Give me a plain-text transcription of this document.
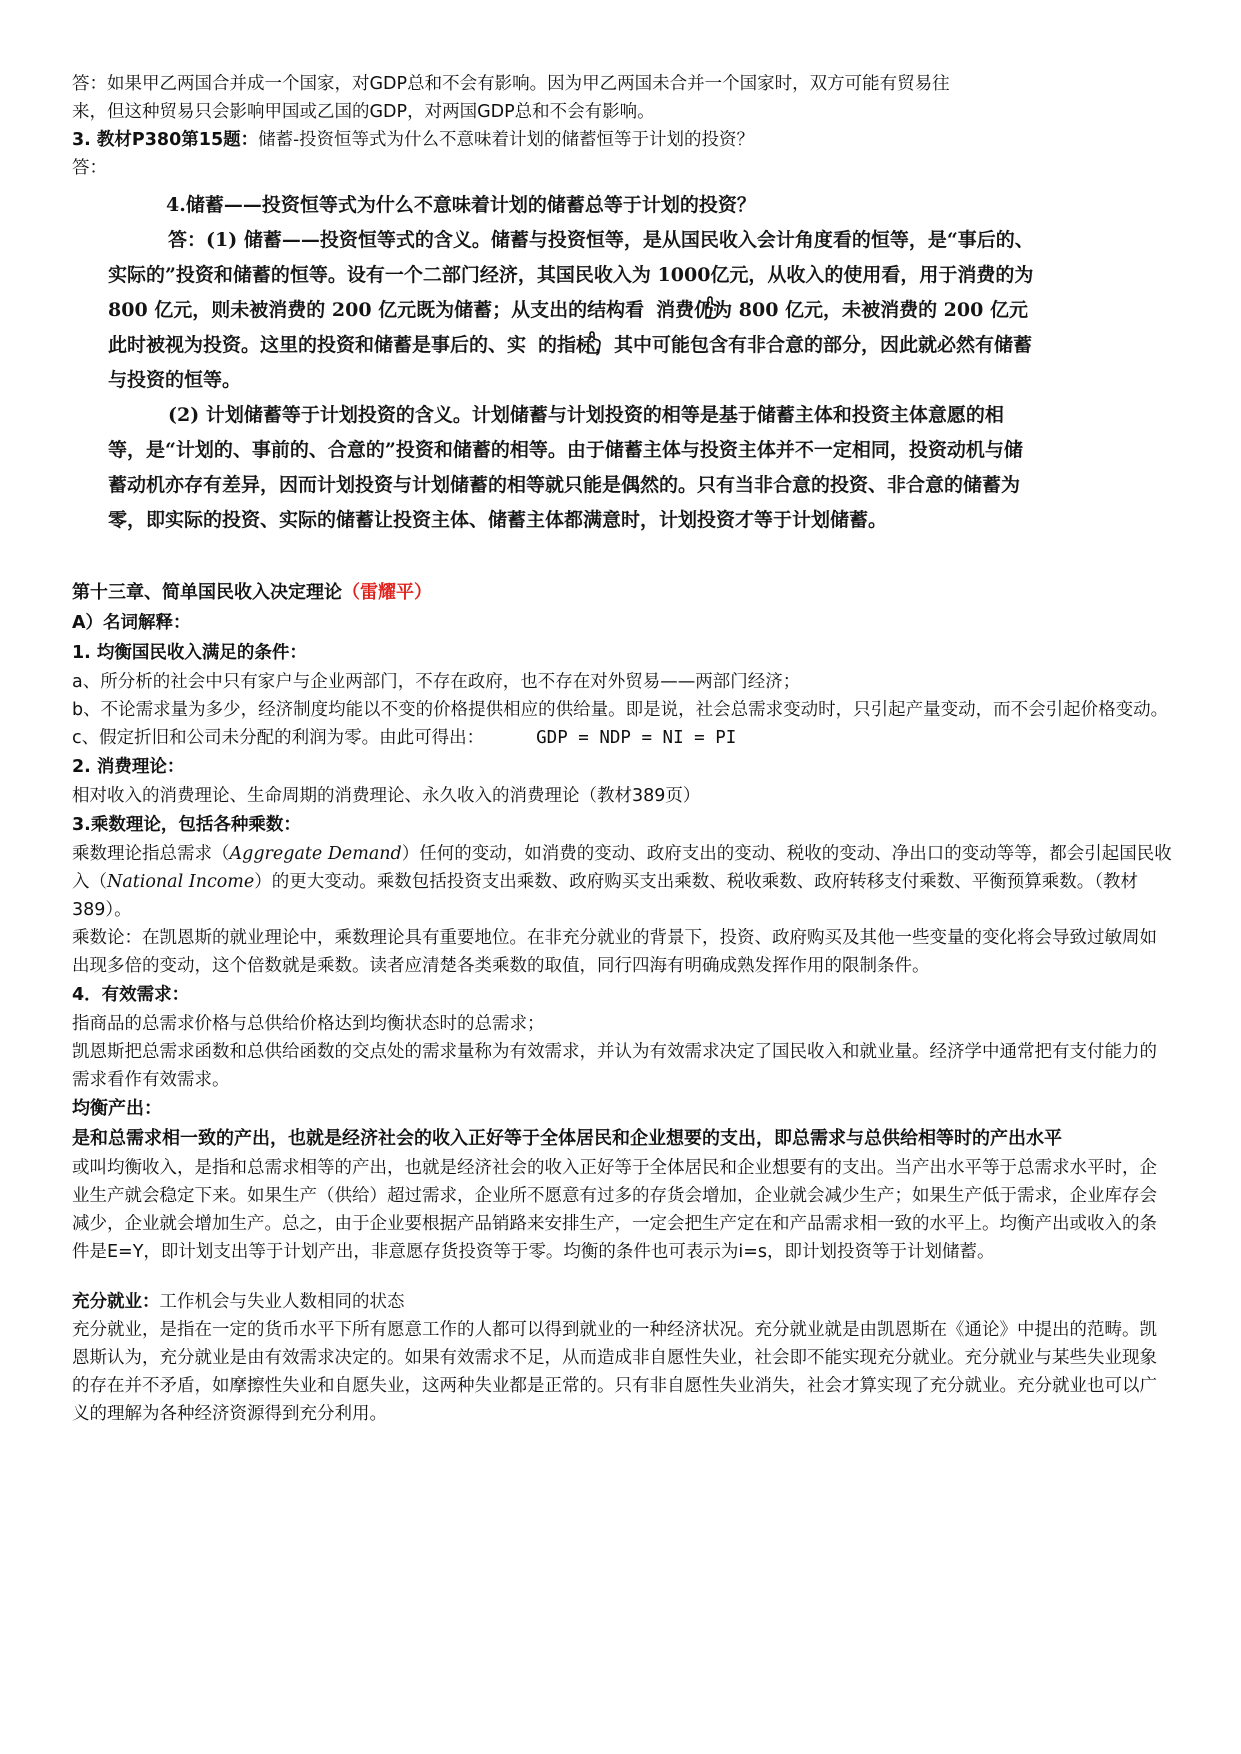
答：如果甲乙两国合并成一个国家，对GDP总和不会有影响。因为甲乙两国未合并一个国家时，双方可能有贸易往

来，但这种贸易只会影响甲国或乙国的GDP，对两国GDP总和不会有影响。

3. 教材P380第15题：储蓄-投资恒等式为什么不意味着计划的储蓄恒等于计划的投资？

答：

4.储蓄——投资恒等式为什么不意味着计划的储蓄总等于计划的投资？

答：(1) 储蓄——投资恒等式的含义。储蓄与投资恒等，是从国民收入会计角度看的恒等，是“事后的、实际的”投资和储蓄的恒等。设有一个二部门经济，其国民收入为 1000亿元，从收入的使用看，用于消费的为 800 亿元，则未被消费的 200 亿元既为储蓄；从支出的结构看 消费仍为 800 亿元，未被消费的 200 亿元此时被视为投资。这里的投资和储蓄是事后的、实 的指标，其中可能包含有非合意的部分，因此就必然有储蓄与投资的恒等。

(2) 计划储蓄等于计划投资的含义。计划储蓄与计划投资的相等是基于储蓄主体和投资主体意愿的相等，是“计划的、事前的、合意的”投资和储蓄的相等。由于储蓄主体与投资主体并不一定相同，投资动机与储蓄动机亦存有差异，因而计划投资与计划储蓄的相等就只能是偶然的。只有当非合意的投资、非合意的储蓄为零，即实际的投资、实际的储蓄让投资主体、储蓄主体都满意时，计划投资才等于计划储蓄。

第十三章、简单国民收入决定理论（雷耀平）

A）名词解释：

1. 均衡国民收入满足的条件：

a、所分析的社会中只有家户与企业两部门，不存在政府，也不存在对外贸易——两部门经济；

b、不论需求量为多少，经济制度均能以不变的价格提供相应的供给量。即是说，社会总需求变动时，只引起产量变动，而不会引起价格变动。

c、假定折旧和公司未分配的利润为零。由此可得出：	GDP = NDP = NI = PI

2. 消费理论：

相对收入的消费理论、生命周期的消费理论、永久收入的消费理论（教材389页）

3.乘数理论，包括各种乘数：

乘数理论指总需求（Aggregate Demand）任何的变动，如消费的变动、政府支出的变动、税收的变动、净出口的变动等等，都会引起国民收入（National Income）的更大变动。乘数包括投资支出乘数、政府购买支出乘数、税收乘数、政府转移支付乘数、平衡预算乘数。（教材389）。

乘数论：在凯恩斯的就业理论中，乘数理论具有重要地位。在非充分就业的背景下，投资、政府购买及其他一些变量的变化将会导致过敏周如出现多倍的变动，这个倍数就是乘数。读者应清楚各类乘数的取值，同行四海有明确成熟发挥作用的限制条件。

4．有效需求：

指商品的总需求价格与总供给价格达到均衡状态时的总需求；

凯恩斯把总需求函数和总供给函数的交点处的需求量称为有效需求，并认为有效需求决定了国民收入和就业量。经济学中通常把有支付能力的需求看作有效需求。

均衡产出：

是和总需求相一致的产出，也就是经济社会的收入正好等于全体居民和企业想要的支出，即总需求与总供给相等时的产出水平

或叫均衡收入，是指和总需求相等的产出，也就是经济社会的收入正好等于全体居民和企业想要有的支出。当产出水平等于总需求水平时，企业生产就会稳定下来。如果生产（供给）超过需求，企业所不愿意有过多的存货会增加，企业就会减少生产；如果生产低于需求，企业库存会减少，企业就会增加生产。总之，由于企业要根据产品销路来安排生产，一定会把生产定在和产品需求相一致的水平上。均衡产出或收入的条件是E=Y，即计划支出等于计划产出，非意愿存货投资等于零。均衡的条件也可表示为i=s，即计划投资等于计划储蓄。

充分就业：工作机会与失业人数相同的状态

充分就业，是指在一定的货币水平下所有愿意工作的人都可以得到就业的一种经济状况。充分就业就是由凯恩斯在《通论》中提出的范畴。凯恩斯认为，充分就业是由有效需求决定的。如果有效需求不足，从而造成非自愿性失业，社会即不能实现充分就业。充分就业与某些失业现象的存在并不矛盾，如摩擦性失业和自愿失业，这两种失业都是正常的。只有非自愿性失业消失，社会才算实现了充分就业。充分就业也可以广义的理解为各种经济资源得到充分利用。
